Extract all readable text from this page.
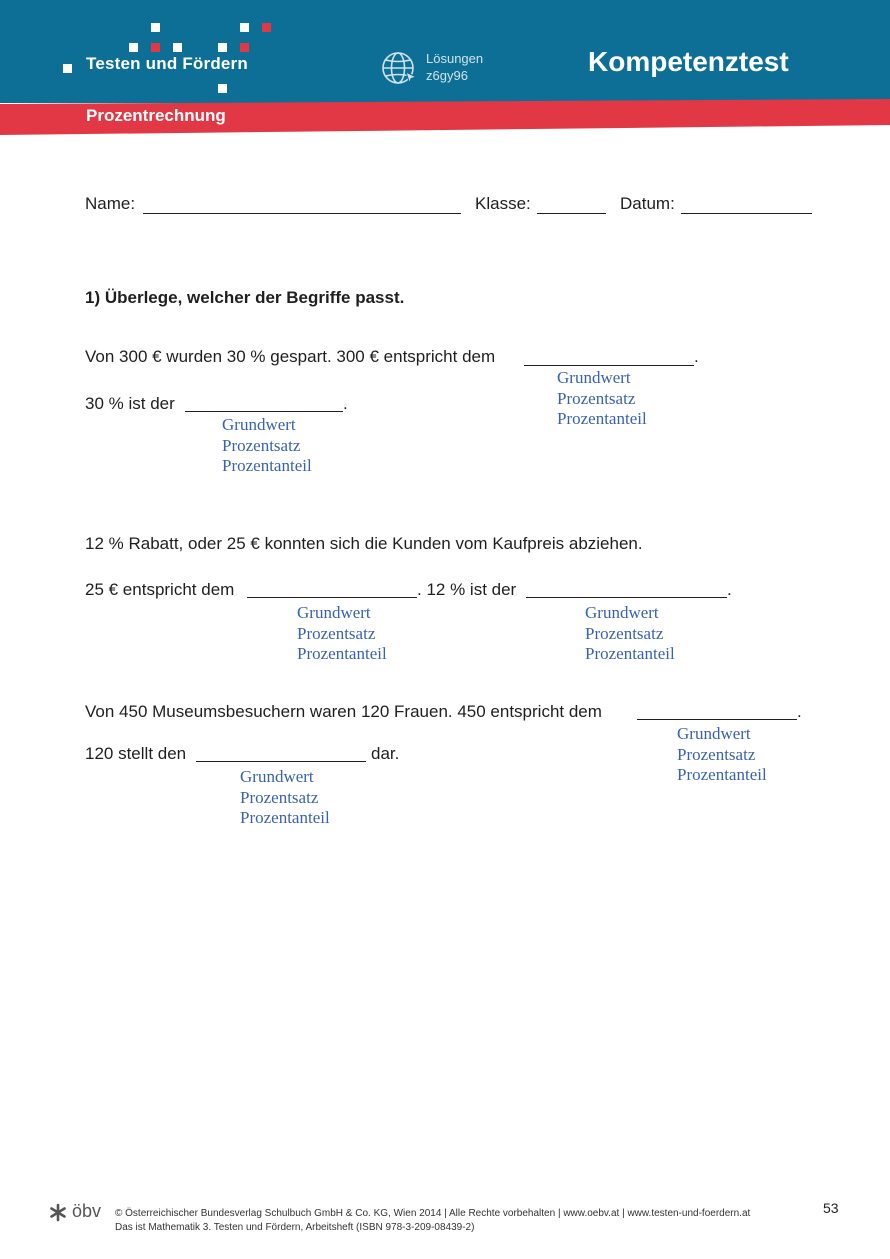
Testen und Fördern	Lösungen
z6gy96	Kompetenztest
Prozentrechnung
Name:	Klasse:	Datum:
1) Überlege, welcher der Begriffe passt.
Von 300 € wurden 30 % gespart. 300 € entspricht dem	.
Grundwert
Prozentsatz
Prozentanteil
30 % ist der	.
Grundwert
Prozentsatz
Prozentanteil
12 % Rabatt, oder 25 € konnten sich die Kunden vom Kaufpreis abziehen.
25 € entspricht dem	. 12 % ist der	.
Grundwert
Prozentsatz
Prozentanteil
Grundwert
Prozentsatz
Prozentanteil
Von 450 Museumsbesuchern waren 120 Frauen. 450 entspricht dem	.
Grundwert
Prozentsatz
Prozentanteil
120 stellt den	dar.
Grundwert
Prozentsatz
Prozentanteil
öbv © Österreichischer Bundesverlag Schulbuch GmbH & Co. KG, Wien 2014 | Alle Rechte vorbehalten | www.oebv.at | www.testen-und-foerdern.at
Das ist Mathematik 3. Testen und Fördern, Arbeitsheft (ISBN 978-3-209-08439-2)
53
